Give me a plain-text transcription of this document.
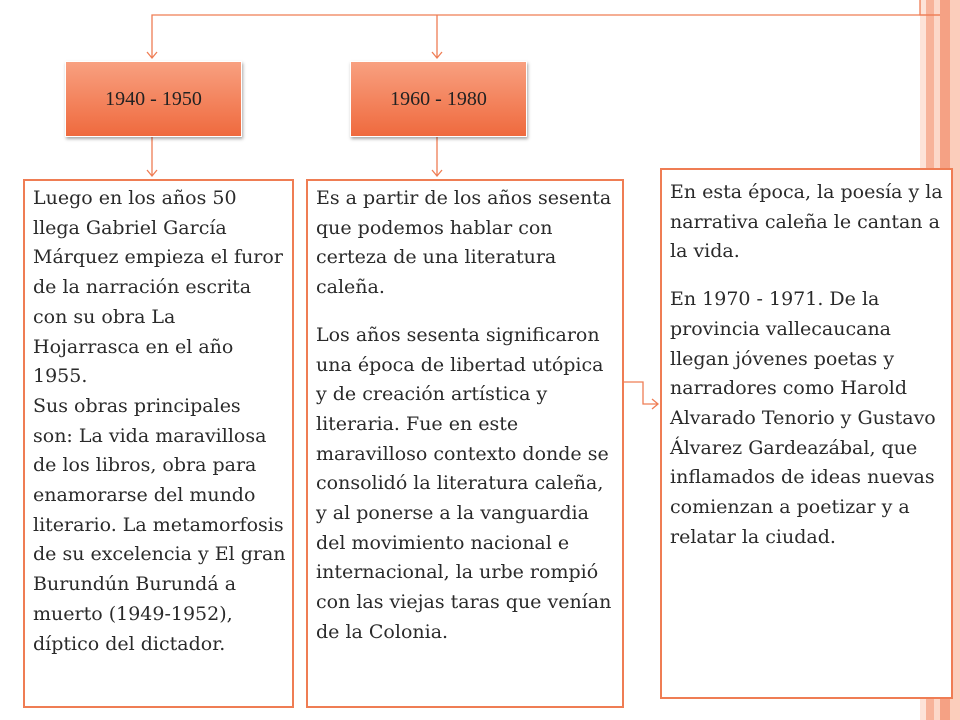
1940 - 1950	1960 - 1980

Luego en los años 50 llega Gabriel García Márquez empieza el furor de la narración escrita con su obra La Hojarrasca en el año 1955.

Sus obras principales son: La vida maravillosa de los libros, obra para enamorarse del mundo literario. La metamorfosis de su excelencia y El gran Burundún Burundá a muerto (1949-1952), díptico del dictador.

Es a partir de los años sesenta que podemos hablar con certeza de una literatura caleña.

Los años sesenta significaron una época de libertad utópica y de creación artística y literaria. Fue en este maravilloso contexto donde se consolidó la literatura caleña, y al ponerse a la vanguardia del movimiento nacional e internacional, la urbe rompió con las viejas taras que venían de la Colonia.

En esta época, la poesía y la narrativa caleña le cantan a la vida.

En 1970 - 1971. De la provincia vallecaucana llegan jóvenes poetas y narradores como Harold Alvarado Tenorio y Gustavo Álvarez Gardeazábal, que inflamados de ideas nuevas comienzan a poetizar y a relatar la ciudad.
